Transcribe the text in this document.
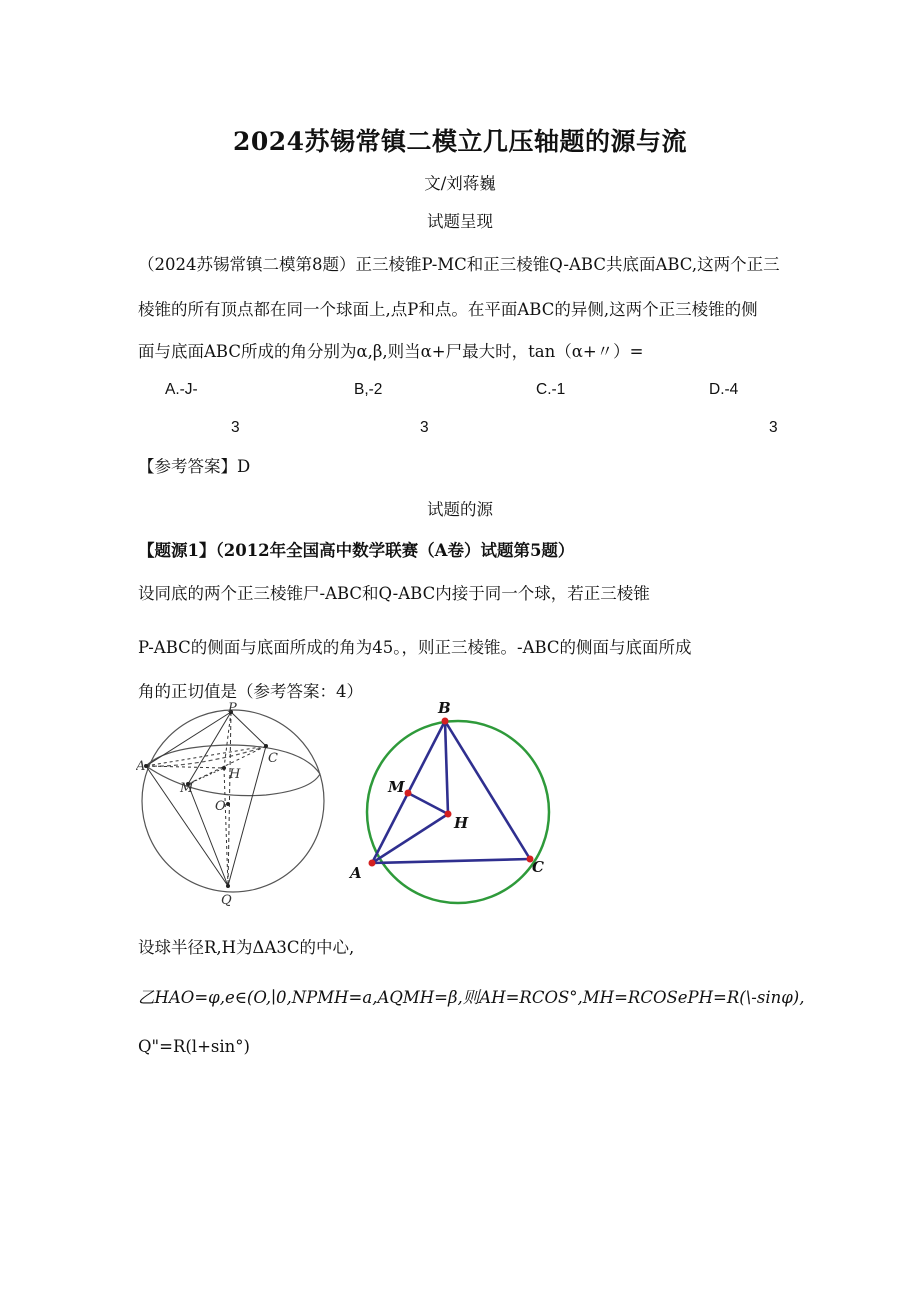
2024苏锡常镇二模立几压轴题的源与流
文/刘蒋巍
试题呈现
（2024苏锡常镇二模第8题）正三棱锥P-MC和正三棱锥Q-ABC共底面ABC,这两个正三
棱锥的所有顶点都在同一个球面上,点P和点。在平面ABC的异侧,这两个正三棱锥的侧
面与底面ABC所成的角分别为α,β,则当α+尸最大时，tan（α+〃）=
A.-J-	B,-2	C.-1	D.-4
3	3	3
【参考答案】D
试题的源
【题源1】（2012年全国高中数学联赛（A卷）试题第5题）
设同底的两个正三棱锥尸-ABC和Q-ABC内接于同一个球，若正三棱锥
P-ABC的侧面与底面所成的角为45。，则正三棱锥。-ABC的侧面与底面所成
角的正切值是（参考答案：4）
P
A
C
M
H
O
Q
B
M
H
A	C
设球半径R,H为ΔA3C的中心,
乙HAO=φ,e∈(O,∣0,NPMH=a,AQMH=β,则AH=RCOS°,MH=RCOSePH=R(\-sinφ),
Q"=R(l+sin°)
